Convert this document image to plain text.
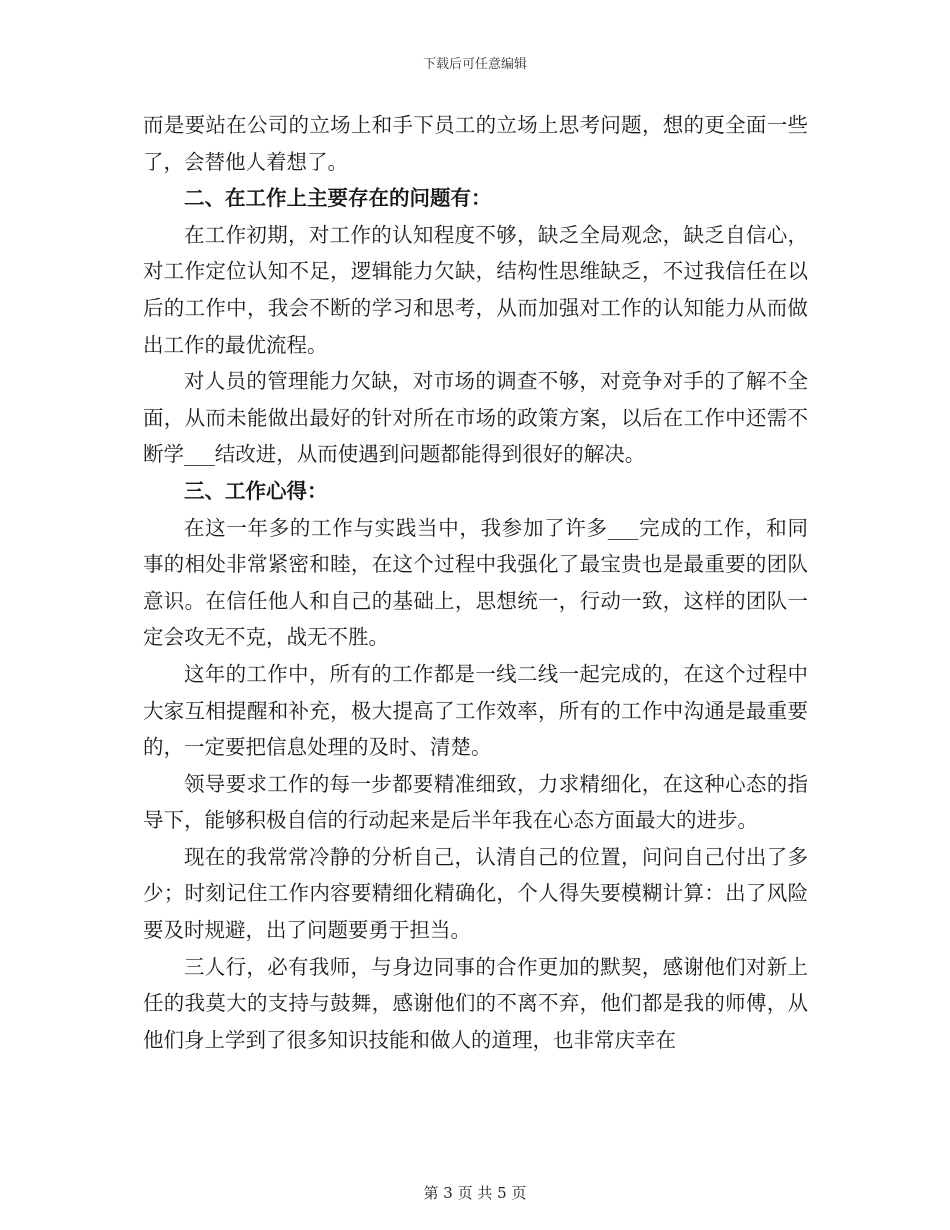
下载后可任意编辑

而是要站在公司的立场上和手下员工的立场上思考问题，想的更全面一些了，会替他人着想了。

二、在工作上主要存在的问题有：

在工作初期，对工作的认知程度不够，缺乏全局观念，缺乏自信心，对工作定位认知不足，逻辑能力欠缺，结构性思维缺乏，不过我信任在以后的工作中，我会不断的学习和思考，从而加强对工作的认知能力从而做出工作的最优流程。

对人员的管理能力欠缺，对市场的调查不够，对竞争对手的了解不全面，从而未能做出最好的针对所在市场的政策方案，以后在工作中还需不断学___结改进，从而使遇到问题都能得到很好的解决。

三、工作心得：

在这一年多的工作与实践当中，我参加了许多___完成的工作，和同事的相处非常紧密和睦，在这个过程中我强化了最宝贵也是最重要的团队意识。在信任他人和自己的基础上，思想统一，行动一致，这样的团队一定会攻无不克，战无不胜。

这年的工作中，所有的工作都是一线二线一起完成的，在这个过程中大家互相提醒和补充，极大提高了工作效率，所有的工作中沟通是最重要的，一定要把信息处理的及时、清楚。

领导要求工作的每一步都要精准细致，力求精细化，在这种心态的指导下，能够积极自信的行动起来是后半年我在心态方面最大的进步。

现在的我常常冷静的分析自己，认清自己的位置，问问自己付出了多少；时刻记住工作内容要精细化精确化，个人得失要模糊计算：出了风险要及时规避，出了问题要勇于担当。

三人行，必有我师，与身边同事的合作更加的默契，感谢他们对新上任的我莫大的支持与鼓舞，感谢他们的不离不弃，他们都是我的师傅，从他们身上学到了很多知识技能和做人的道理，也非常庆幸在

第 3 页 共 5 页
